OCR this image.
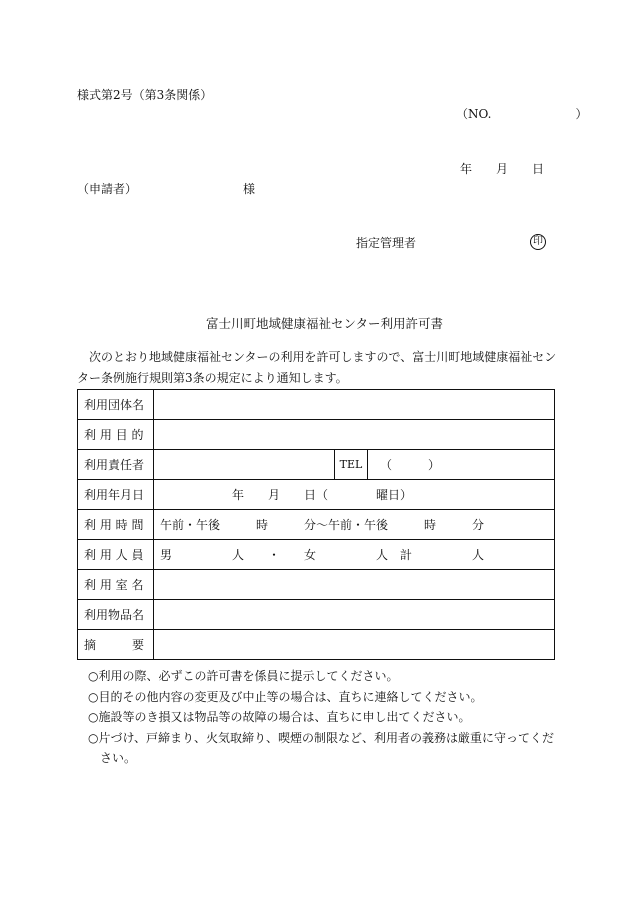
様式第2号（第3条関係）
（NO.　　　　　　　）
年　　月　　日
（申請者）	様
指定管理者	印
富士川町地域健康福祉センター利用許可書
　次のとおり地域健康福祉センターの利用を許可しますので、富士川町地域健康福祉セン
ター条例施行規則第3条の規定により通知します。
利用団体名			
利 用 目 的			
利用責任者		TEL	　（　　　）
利用年月日	　　　　　　年　　月　　日（　　　　曜日）		
利 用 時 間	午前・午後　　　時　　　分～午前・午後　　　時　　　分		
利 用 人 員	男　　　　　人　　・　　女　　　　　人　計　　　　　人		
利 用 室 名			
利用物品名			
摘　　　要			
○利用の際、必ずこの許可書を係員に提示してください。
○目的その他内容の変更及び中止等の場合は、直ちに連絡してください。
○施設等のき損又は物品等の故障の場合は、直ちに申し出てください。
○片づけ、戸締まり、火気取締り、喫煙の制限など、利用者の義務は厳重に守ってくだ
　さい。
